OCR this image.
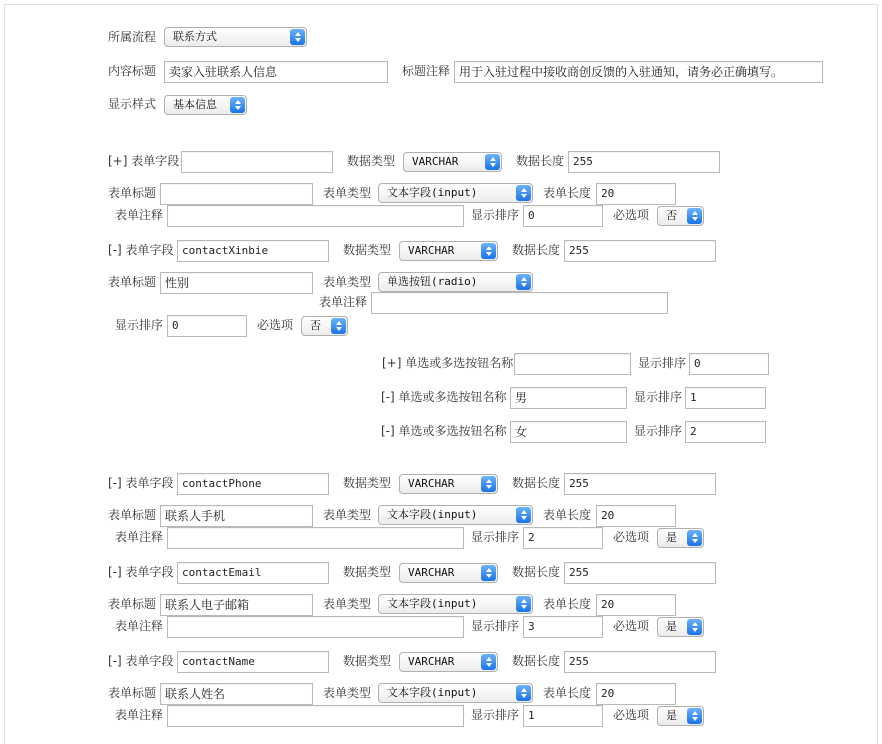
所属流程	联系方式
内容标题	卖家入驻联系人信息	标题注释 用于入驻过程中接收商创反馈的入驻通知，请务必正确填写。
显示样式	基本信息
[+] 表单字段	数据类型	VARCHAR	数据长度 255
表单标题	表单类型	文本字段(input)	表单长度 20
表单注释	显示排序 0	必选项	否
[-] 表单字段 contactXinbie	数据类型	VARCHAR	数据长度 255
表单标题 性别	表单类型	单选按钮(radio)
表单注释
显示排序 0	必选项	否
[+] 单选或多选按钮名称	显示排序 0
[-] 单选或多选按钮名称 男	显示排序 1
[-] 单选或多选按钮名称 女	显示排序 2
[-] 表单字段 contactPhone	数据类型	VARCHAR	数据长度 255
表单标题 联系人手机	表单类型	文本字段(input)	表单长度 20
表单注释	显示排序 2	必选项	是
[-] 表单字段 contactEmail	数据类型	VARCHAR	数据长度 255
表单标题 联系人电子邮箱	表单类型	文本字段(input)	表单长度 20
表单注释	显示排序 3	必选项	是
[-] 表单字段 contactName	数据类型	VARCHAR	数据长度 255
表单标题 联系人姓名	表单类型	文本字段(input)	表单长度 20
表单注释	显示排序 1	必选项	是
